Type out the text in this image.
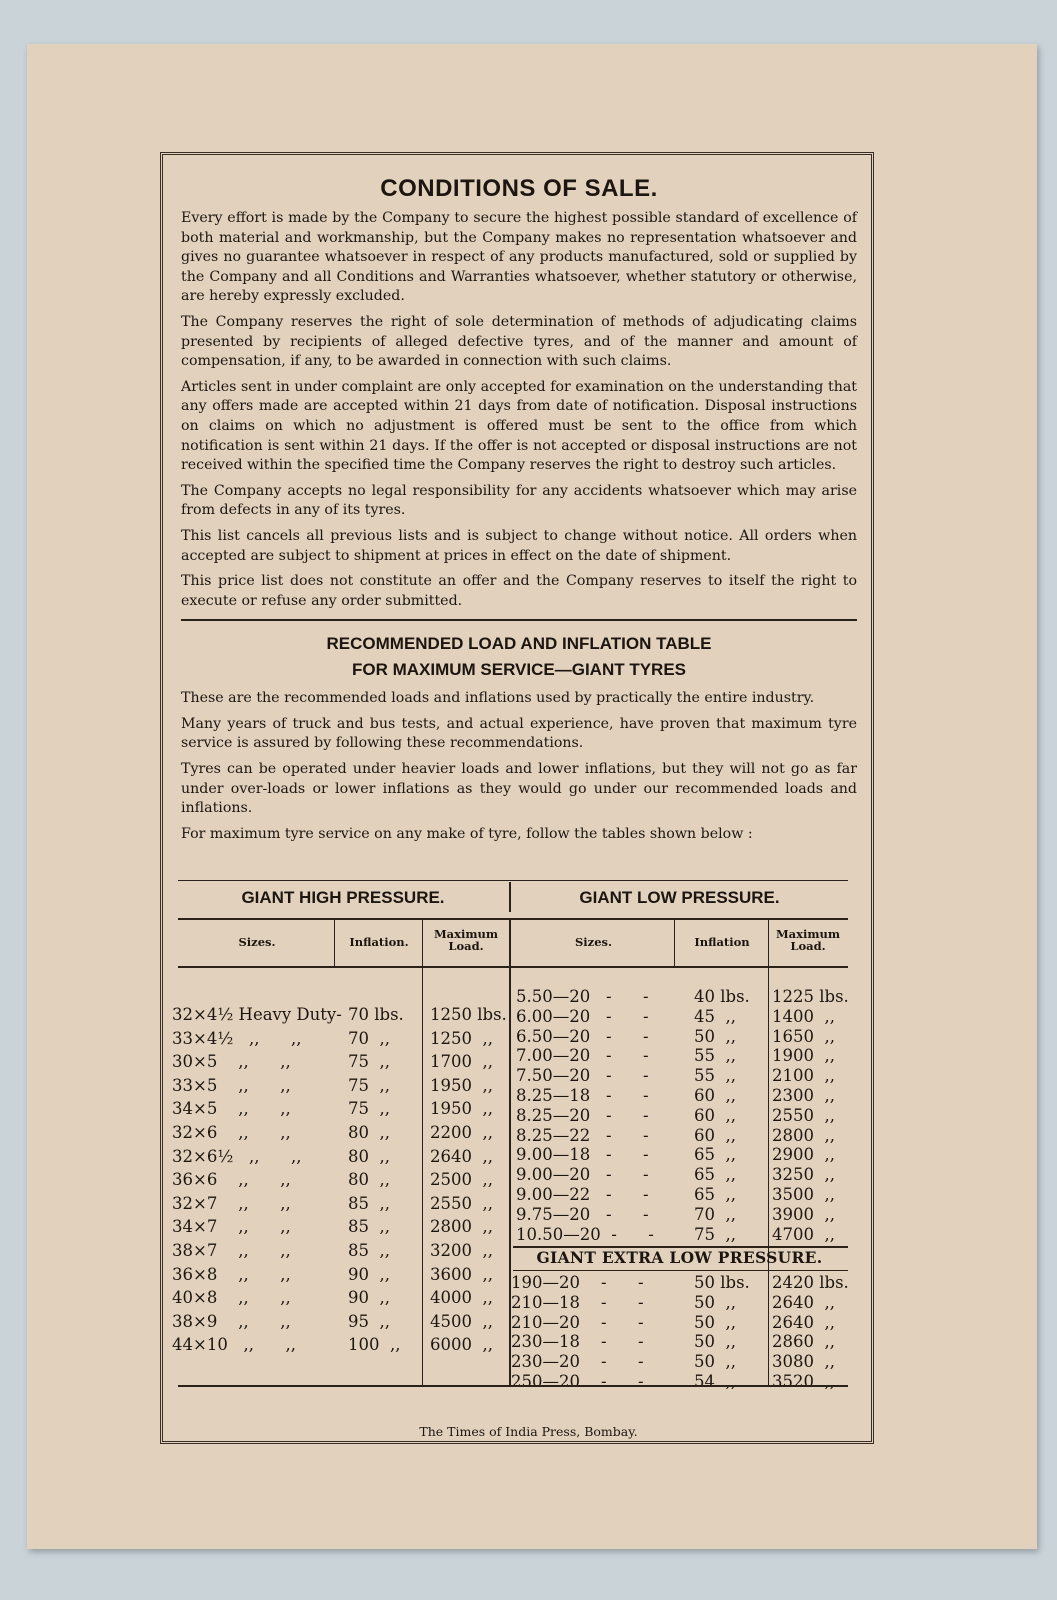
CONDITIONS OF SALE.

Every effort is made by the Company to secure the highest possible standard of excellence of both material and workmanship, but the Company makes no representation whatsoever and gives no guarantee whatsoever in respect of any products manufactured, sold or supplied by the Company and all Conditions and Warranties whatsoever, whether statutory or otherwise, are hereby expressly excluded.

The Company reserves the right of sole determination of methods of adjudicating claims presented by recipients of alleged defective tyres, and of the manner and amount of compensation, if any, to be awarded in connection with such claims.

Articles sent in under complaint are only accepted for examination on the understanding that any offers made are accepted within 21 days from date of notification. Disposal instructions on claims on which no adjustment is offered must be sent to the office from which notification is sent within 21 days. If the offer is not accepted or disposal instructions are not received within the specified time the Company reserves the right to destroy such articles.

The Company accepts no legal responsibility for any accidents whatsoever which may arise from defects in any of its tyres.

This list cancels all previous lists and is subject to change without notice. All orders when accepted are subject to shipment at prices in effect on the date of shipment.

This price list does not constitute an offer and the Company reserves to itself the right to execute or refuse any order submitted.

RECOMMENDED LOAD AND INFLATION TABLE
FOR MAXIMUM SERVICE—GIANT TYRES

These are the recommended loads and inflations used by practically the entire industry.

Many years of truck and bus tests, and actual experience, have proven that maximum tyre service is assured by following these recommendations.

Tyres can be operated under heavier loads and lower inflations, but they will not go as far under over-loads or lower inflations as they would go under our recommended loads and inflations.

For maximum tyre service on any make of tyre, follow the tables shown below :

GIANT HIGH PRESSURE.	GIANT LOW PRESSURE.
Sizes.	Inflation.
Maximum Load.	Sizes.	Inflation
Maximum Load.
32×4½ Heavy Duty- 70 lbs. 1250 lbs.
33×4½   ,,      ,,	70  ,, 1250  ,,
30×5    ,,      ,,	75  ,, 1700  ,,
33×5    ,,      ,,	75  ,, 1950  ,,
34×5    ,,      ,,	75  ,, 1950  ,,
32×6    ,,      ,,	80  ,, 2200  ,,
32×6½   ,,      ,,	80  ,, 2640  ,,
36×6    ,,      ,,	80  ,, 2500  ,,
32×7    ,,      ,,	85  ,, 2550  ,,
34×7    ,,      ,,	85  ,, 2800  ,,
38×7    ,,      ,,	85  ,, 3200  ,,
36×8    ,,      ,,	90  ,, 3600  ,,
40×8    ,,      ,,	90  ,, 4000  ,,
38×9    ,,      ,,	95  ,, 4500  ,,
44×10   ,,      ,,	100  ,, 6000  ,,
5.50—20   -      -	40 lbs. 1225 lbs.
6.00—20   -      -	45  ,, 1400  ,,
6.50—20   -      -	50  ,, 1650  ,,
7.00—20   -      -	55  ,, 1900  ,,
7.50—20   -      -	55  ,, 2100  ,,
8.25—18   -      -	60  ,, 2300  ,,
8.25—20   -      -	60  ,, 2550  ,,
8.25—22   -      -	60  ,, 2800  ,,
9.00—18   -      -	65  ,, 2900  ,,
9.00—20   -      -	65  ,, 3250  ,,
9.00—22   -      -	65  ,, 3500  ,,
9.75—20   -      -	70  ,, 3900  ,,
10.50—20  -      - 75  ,, 4700  ,,
GIANT EXTRA LOW PRESSURE.
190—20    -      -	50 lbs. 2420 lbs.
210—18    -      -	50  ,, 2640  ,,
210—20    -      -	50  ,, 2640  ,,
230—18    -      -	50  ,, 2860  ,,
230—20    -      -	50  ,, 3080  ,,
250—20    -      -	54  ,, 3520  ,,
The Times of India Press, Bombay.
